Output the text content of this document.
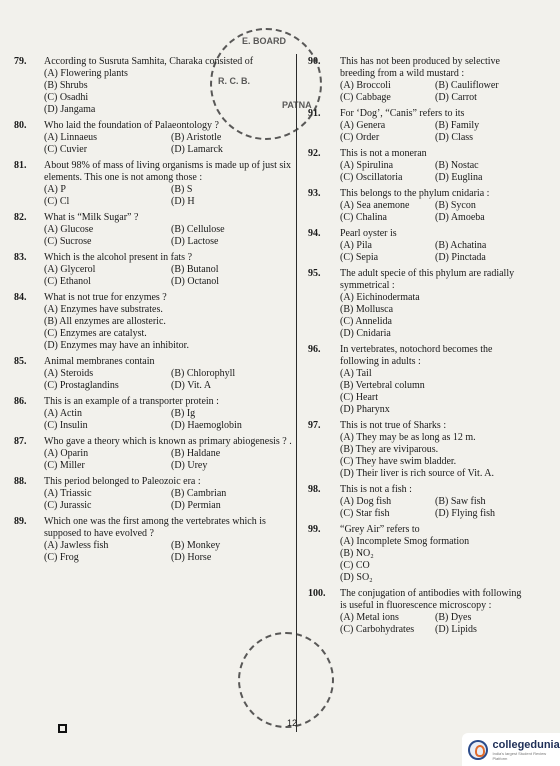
79.	According to Susruta Samhita, Charaka consisted of
(A) Flowering plants
(B) Shrubs
(C) Osadhi
(D) Jangama
80.	Who laid the foundation of Palaeontology ?
(A) Linnaeus	(B) Aristotle
(C) Cuvier	(D) Lamarck
81.	About 98% of mass of living organisms is made up of just six elements. This one is not among those :
(A) P	(B) S
(C) Cl	(D) H
82.	What is “Milk Sugar” ?
(A) Glucose	(B) Cellulose
(C) Sucrose	(D) Lactose
83.	Which is the alcohol present in fats ?
(A) Glycerol	(B) Butanol
(C) Ethanol	(D) Octanol
84.	What is not true for enzymes ?
(A) Enzymes have substrates.
(B) All enzymes are allosteric.
(C) Enzymes are catalyst.
(D) Enzymes may have an inhibitor.
85.	Animal membranes contain
(A) Steroids	(B) Chlorophyll
(C) Prostaglandins	(D) Vit. A
86.	This is an example of a transporter protein :
(A) Actin	(B) Ig
(C) Insulin	(D) Haemoglobin
87.	Who gave a theory which is known as primary abiogenesis ? .
(A) Oparin	(B) Haldane
(C) Miller	(D) Urey
88.	This period belonged to Paleozoic era :
(A) Triassic	(B) Cambrian
(C) Jurassic	(D) Permian
89.	Which one was the first among the vertebrates which is supposed to have evolved ?
(A) Jawless fish	(B) Monkey
(C) Frog	(D) Horse
90.	This has not been produced by selective breeding from a wild mustard :
(A) Broccoli	(B) Cauliflower
(C) Cabbage	(D) Carrot
91.	For ‘Dog’, “Canis” refers to its
(A) Genera	(B) Family
(C) Order	(D) Class
92.	This is not a moneran
(A) Spirulina	(B) Nostac
(C) Oscillatoria	(D) Euglina
93.	This belongs to the phylum cnidaria :
(A) Sea anemone	(B) Sycon
(C) Chalina	(D) Amoeba
94.	Pearl oyster is
(A) Pila	(B) Achatina
(C) Sepia	(D) Pinctada
95.	The adult specie of this phylum are radially symmetrical :
(A) Eichinodermata
(B) Mollusca
(C) Annelida
(D) Cnidaria
96.	In vertebrates, notochord becomes the following in adults :
(A) Tail
(B) Vertebral column
(C) Heart
(D) Pharynx
97.	This is not true of Sharks :
(A) They may be as long as 12 m.
(B) They are viviparous.
(C) They have swim bladder.
(D) Their liver is rich source of Vit. A.
98.	This is not a fish :
(A) Dog fish	(B) Saw fish
(C) Star fish	(D) Flying fish
99.	“Grey Air” refers to
(A) Incomplete Smog formation
(B) NO₂
(C) CO
(D) SO₂
100.	The conjugation of antibodies with following is useful in fluorescence microscopy :
(A) Metal ions	(B) Dyes
(C) Carbohydrates	(D) Lipids
E. BOARD
R. C. B.
PATNA
12
collegedunia
India's largest Student Review Platform
